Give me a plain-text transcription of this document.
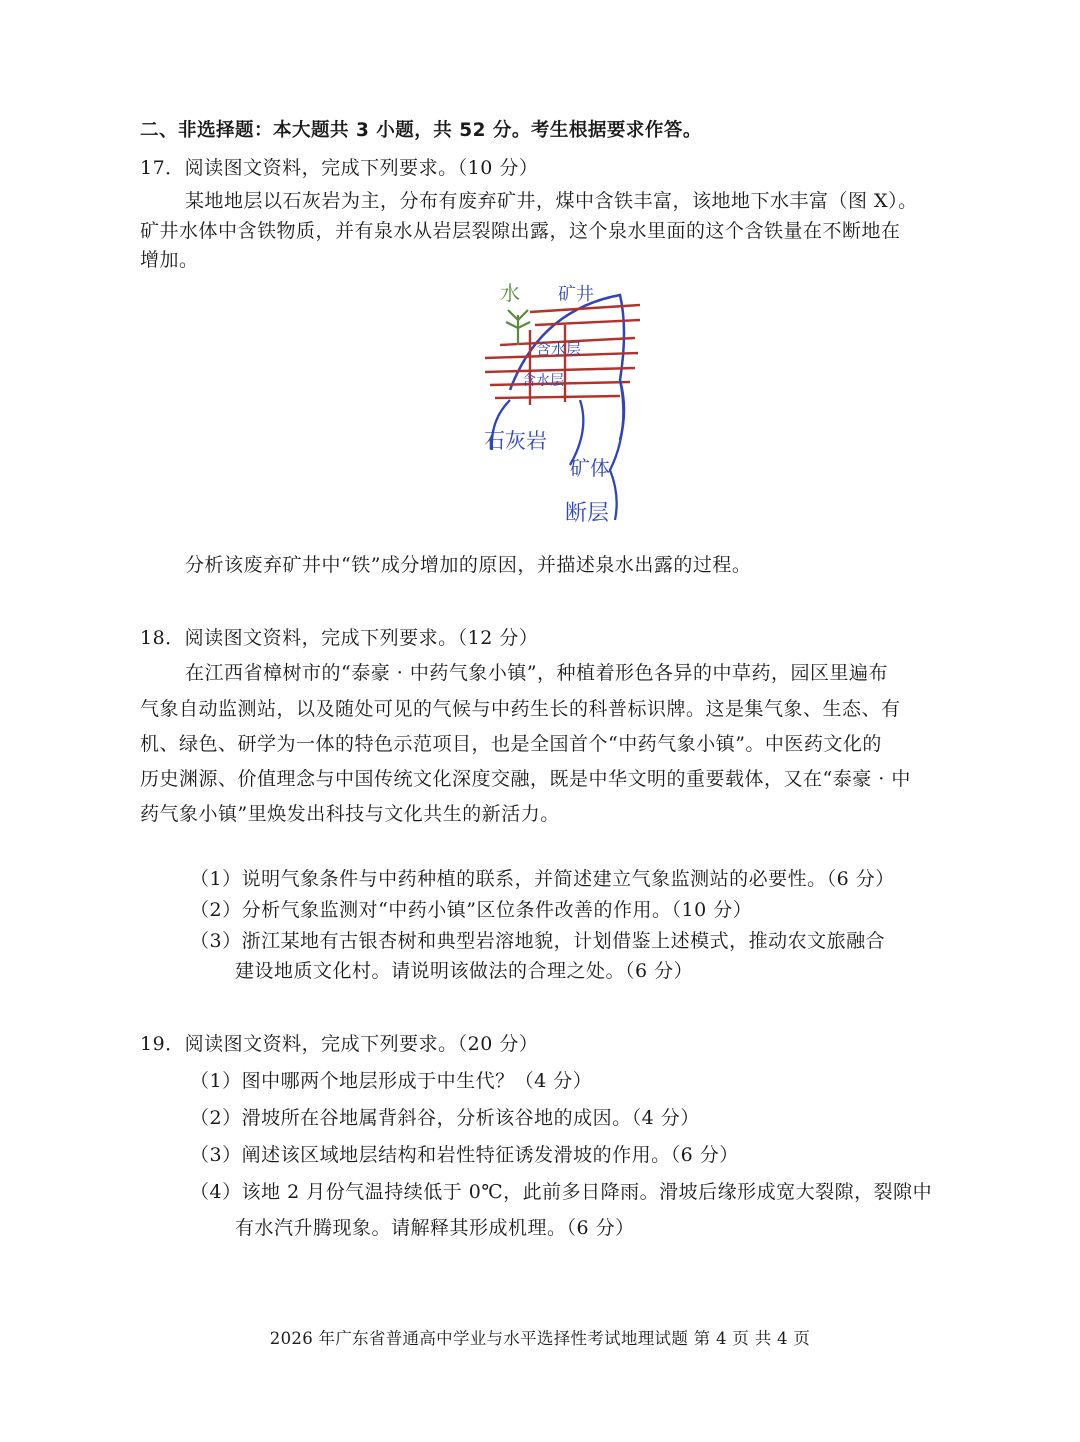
二、非选择题：本大题共 3 小题，共 52 分。考生根据要求作答。
17．阅读图文资料，完成下列要求。（10 分）
某地地层以石灰岩为主，分布有废弃矿井，煤中含铁丰富，该地地下水丰富（图 X）。
矿井水体中含铁物质，并有泉水从岩层裂隙出露，这个泉水里面的这个含铁量在不断地在
增加。
水 矿井
含水层
含水层
石灰岩
矿体
断层
分析该废弃矿井中“铁”成分增加的原因，并描述泉水出露的过程。
18．阅读图文资料，完成下列要求。（12 分）
在江西省樟树市的“泰豪 · 中药气象小镇”，种植着形色各异的中草药，园区里遍布
气象自动监测站，以及随处可见的气候与中药生长的科普标识牌。这是集气象、生态、有
机、绿色、研学为一体的特色示范项目，也是全国首个“中药气象小镇”。中医药文化的
历史渊源、价值理念与中国传统文化深度交融，既是中华文明的重要载体，又在“泰豪 · 中
药气象小镇”里焕发出科技与文化共生的新活力。
（1）说明气象条件与中药种植的联系，并简述建立气象监测站的必要性。（6 分）
（2）分析气象监测对“中药小镇”区位条件改善的作用。（10 分）
（3）浙江某地有古银杏树和典型岩溶地貌，计划借鉴上述模式，推动农文旅融合
建设地质文化村。请说明该做法的合理之处。（6 分）
19．阅读图文资料，完成下列要求。（20 分）
（1）图中哪两个地层形成于中生代？（4 分）
（2）滑坡所在谷地属背斜谷，分析该谷地的成因。（4 分）
（3）阐述该区域地层结构和岩性特征诱发滑坡的作用。（6 分）
（4）该地 2 月份气温持续低于 0℃，此前多日降雨。滑坡后缘形成宽大裂隙，裂隙中
有水汽升腾现象。请解释其形成机理。（6 分）
2026 年广东省普通高中学业与水平选择性考试地理试题 第 4 页 共 4 页
